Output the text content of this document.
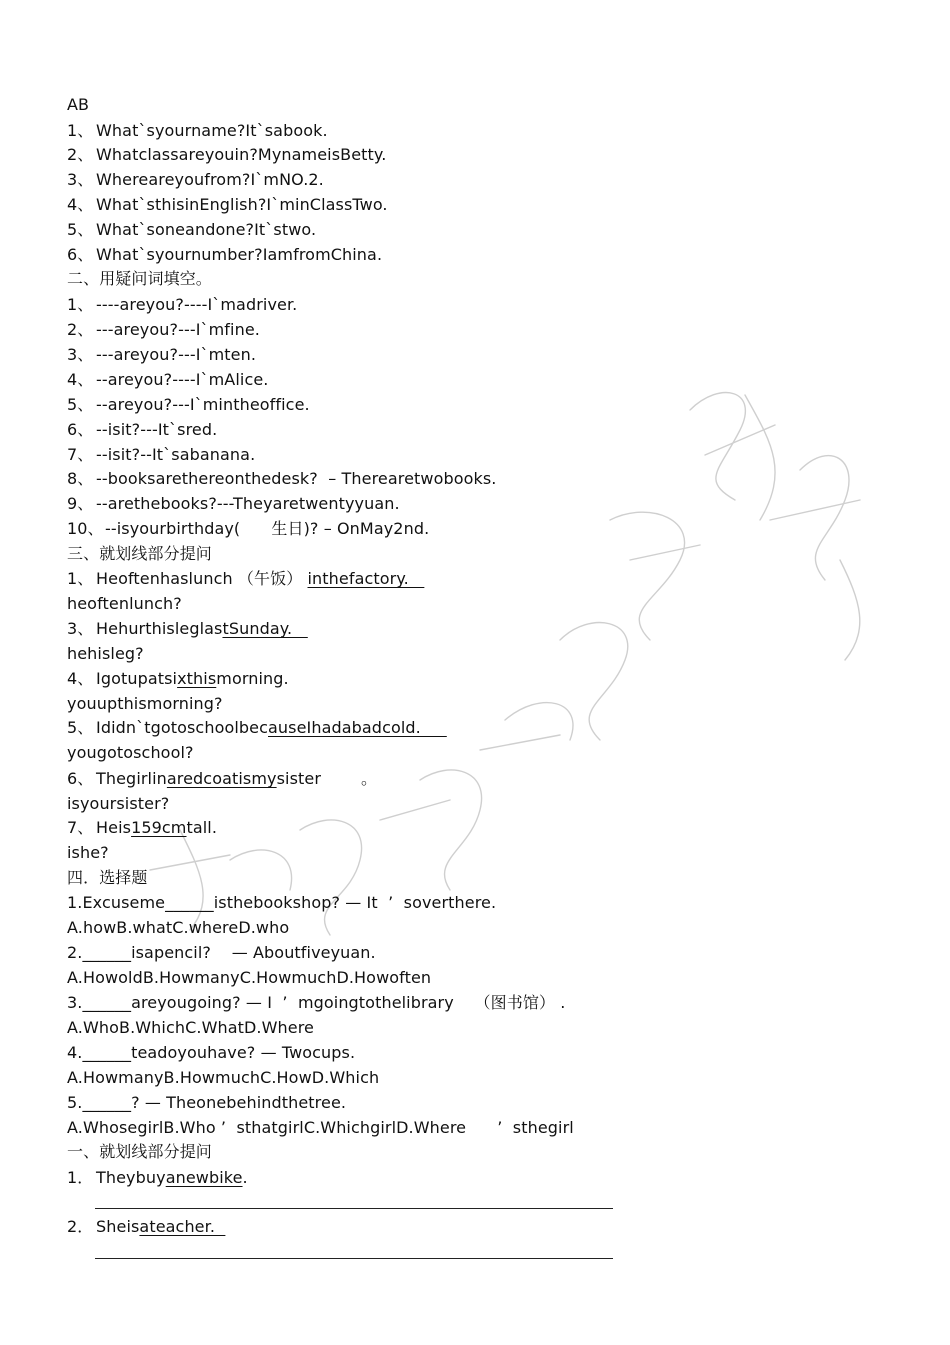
AB
1、 What`syourname?It`sabook.
2、 Whatclassareyouin?MynameisBetty.
3、 Whereareyoufrom?I`mNO.2.
4、 What`sthisinEnglish?I`minClassTwo.
5、 What`soneandone?It`stwo.
6、 What`syournumber?IamfromChina.
二、用疑问词填空。
1、 ----areyou?----I`madriver.
2、 ---areyou?---I`mfine.
3、 ---areyou?---I`mten.
4、 --areyou?----I`mAlice.
5、 --areyou?---I`mintheoffice.
6、 --isit?---It`sred.
7、 --isit?--It`sabanana.
8、 --booksarethereonthedesk?  – Therearetwobooks.
9、 --arethebooks?---Theyaretwentyyuan.
10、--isyourbirthday(      生日)? – OnMay2nd.
三、就划线部分提问
1、 Heoftenhaslunch （午饭） inthefactory.
heoftenlunch?
3、 HehurthisleglastSunday.
hehisleg?
4、 Igotupatsixthismorning.
youupthismorning?
5、 Ididn`tgotoschoolbecauseIhadabadcold.
yougotoschool?
6、 Thegirlinaredcoatismysister	。
isyoursister?
7、 Heis159cmtall.
ishe?
四．选择题
1.Excuseme______isthebookshop? — It  ’  soverthere.
A.howB.whatC.whereD.who
2.______isapencil?    — Aboutfiveyuan.
A.HowoldB.HowmanyC.HowmuchD.Howoften
3.______areyougoing? — I  ’  mgoingtothelibrary    （图书馆） .
A.WhoB.WhichC.WhatD.Where
4.______teadoyouhave? — Twocups.
A.HowmanyB.HowmuchC.HowD.Which
5.______? — Theonebehindthetree.
A.WhosegirlB.Who ’  sthatgirlC.WhichgirlD.Where      ’  sthegirl
一、就划线部分提问
1． Theybuyanewbike.
2． Sheisateacher.
